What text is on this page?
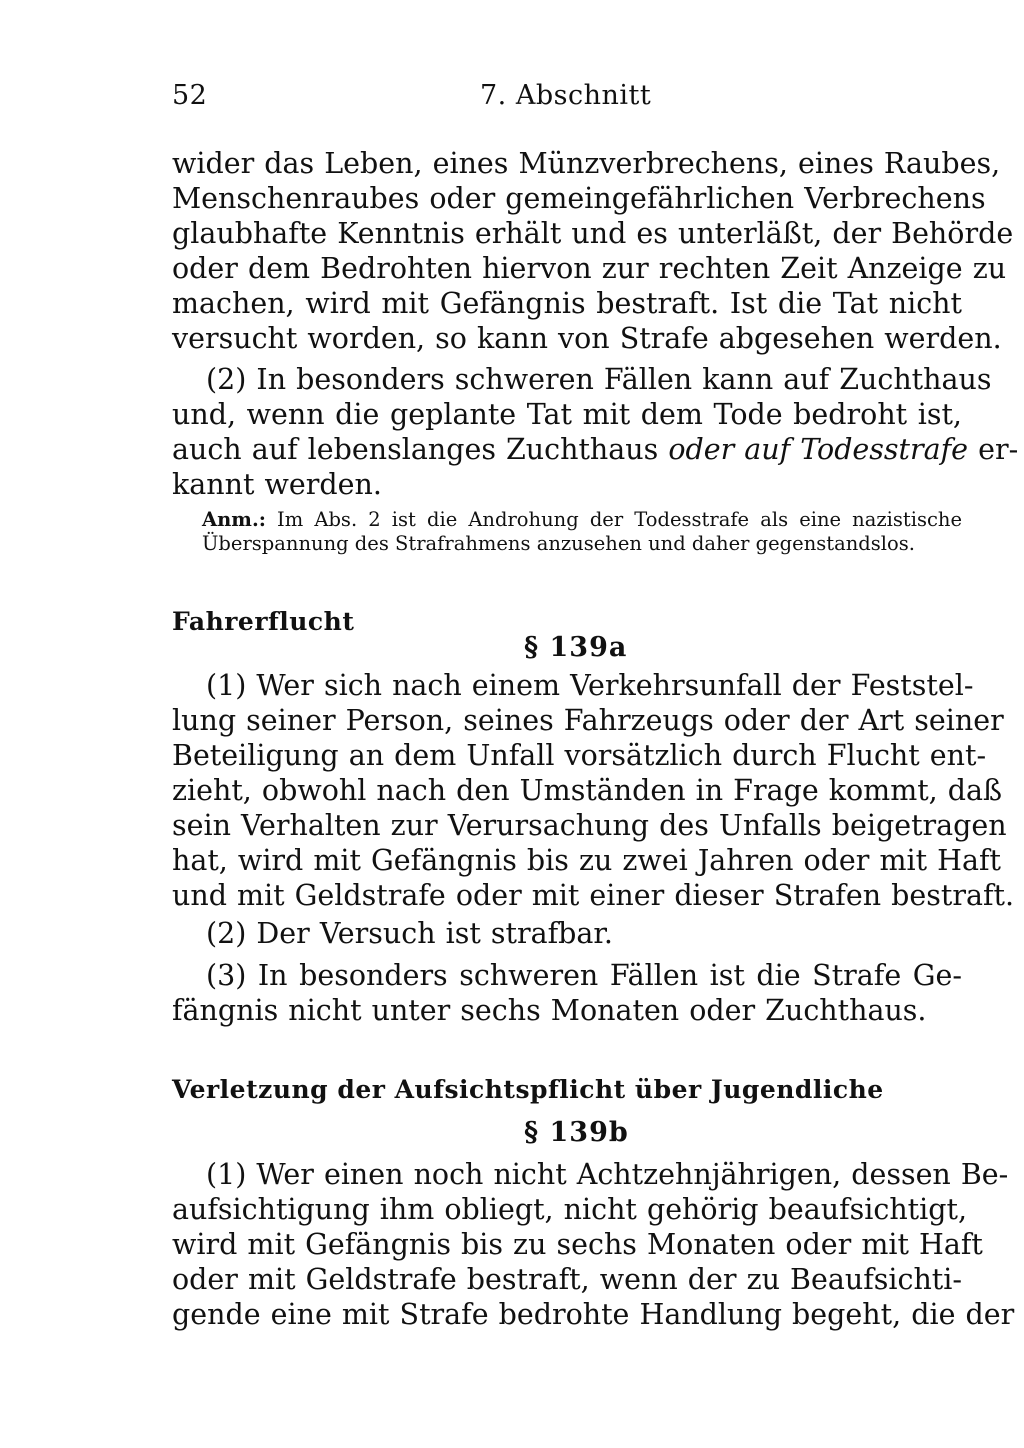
52	7. Abschnitt
wider das Leben, eines Münzverbrechens, eines Raubes,
Menschenraubes oder gemeingefährlichen Verbrechens
glaubhafte Kenntnis erhält und es unterläßt, der Behörde
oder dem Bedrohten hiervon zur rechten Zeit Anzeige zu
machen, wird mit Gefängnis bestraft. Ist die Tat nicht
versucht worden, so kann von Strafe abgesehen werden.
(2) In besonders schweren Fällen kann auf Zuchthaus
und, wenn die geplante Tat mit dem Tode bedroht ist,
auch auf lebenslanges Zuchthaus oder auf Todesstrafe er-
kannt werden.
Anm.: Im Abs. 2 ist die Androhung der Todesstrafe als eine nazistische
Überspannung des Strafrahmens anzusehen und daher gegenstandslos.
Fahrerflucht
§ 139a
(1) Wer sich nach einem Verkehrsunfall der Feststel-
lung seiner Person, seines Fahrzeugs oder der Art seiner
Beteiligung an dem Unfall vorsätzlich durch Flucht ent-
zieht, obwohl nach den Umständen in Frage kommt, daß
sein Verhalten zur Verursachung des Unfalls beigetragen
hat, wird mit Gefängnis bis zu zwei Jahren oder mit Haft
und mit Geldstrafe oder mit einer dieser Strafen bestraft.
(2) Der Versuch ist strafbar.
(3) In besonders schweren Fällen ist die Strafe Ge-
fängnis nicht unter sechs Monaten oder Zuchthaus.
Verletzung der Aufsichtspflicht über Jugendliche
§ 139b
(1) Wer einen noch nicht Achtzehnjährigen, dessen Be-
aufsichtigung ihm obliegt, nicht gehörig beaufsichtigt,
wird mit Gefängnis bis zu sechs Monaten oder mit Haft
oder mit Geldstrafe bestraft, wenn der zu Beaufsichti-
gende eine mit Strafe bedrohte Handlung begeht, die der
